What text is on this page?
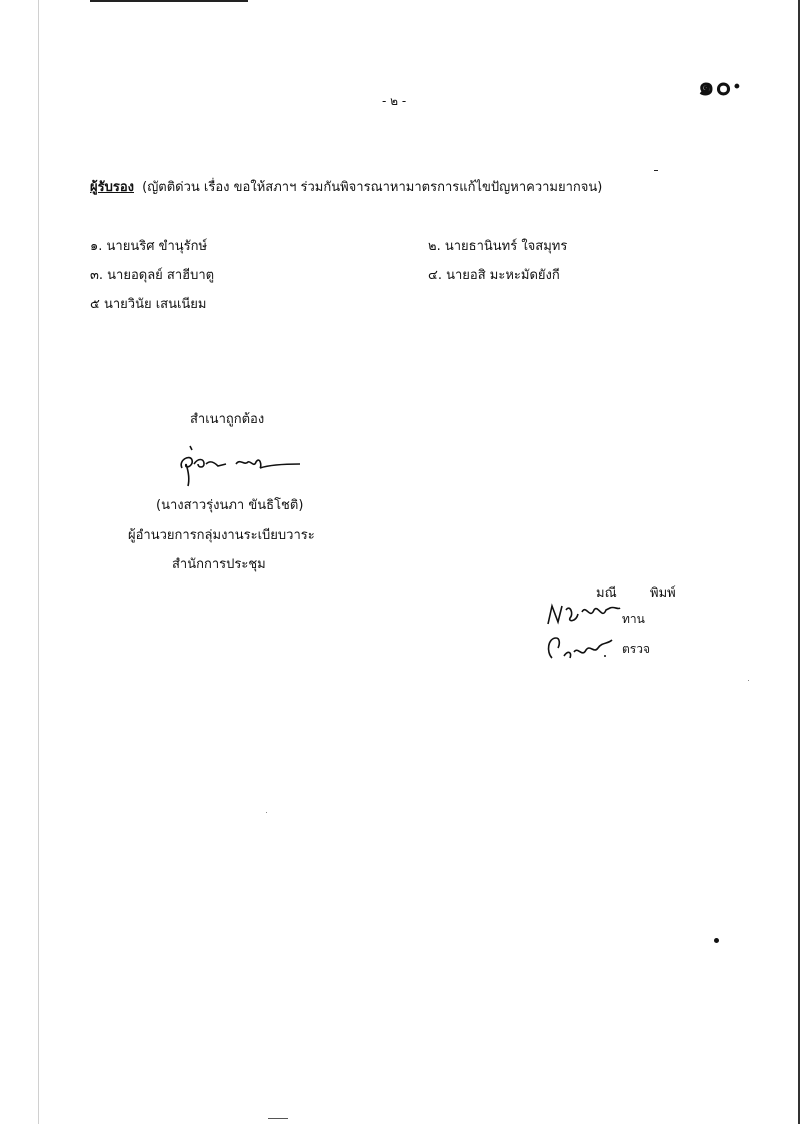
๑๐·
- ๒ -
ผู้รับรอง (ญัตติด่วน เรื่อง ขอให้สภาฯ ร่วมกันพิจารณาหามาตรการแก้ไขปัญหาความยากจน)
๑. นายนริศ ขำนุรักษ์	๒. นายธานินทร์ ใจสมุทร
๓. นายอดุลย์ สาฮีบาตู	๔. นายอสิ มะหะมัดยังกี
๕ นายวินัย เสนเนียม
สำเนาถูกต้อง
(นางสาวรุ่งนภา ขันธิโชติ)
ผู้อำนวยการกลุ่มงานระเบียบวาระ
สำนักการประชุม
มณี	พิมพ์
ทาน
ตรวจ
